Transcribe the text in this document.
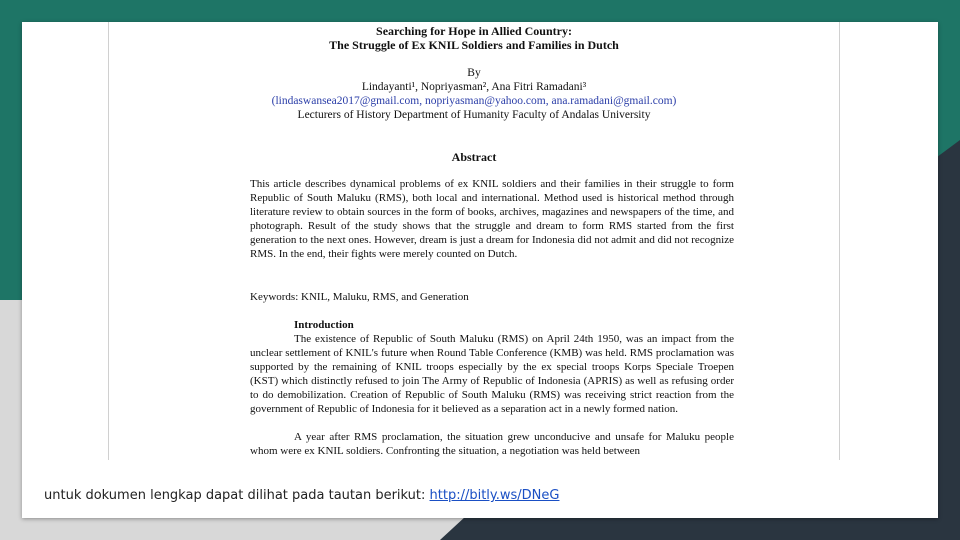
Searching for Hope in Allied Country:
The Struggle of Ex KNIL Soldiers and Families in Dutch
By
Lindayanti¹, Nopriyasman², Ana Fitri Ramadani³
(lindaswansea2017@gmail.com, nopriyasman@yahoo.com, ana.ramadani@gmail.com)
Lecturers of History Department of Humanity Faculty of Andalas University
Abstract

This article describes dynamical problems of ex KNIL soldiers and their families in their struggle to form Republic of South Maluku (RMS), both local and international. Method used is historical method through literature review to obtain sources in the form of books, archives, magazines and newspapers of the time, and photograph. Result of the study shows that the struggle and dream to form RMS started from the first generation to the next ones. However, dream is just a dream for Indonesia did not admit and did not recognize RMS. In the end, their fights were merely counted on Dutch.

Keywords: KNIL, Maluku, RMS, and Generation

Introduction

The existence of Republic of South Maluku (RMS) on April 24th 1950, was an impact from the unclear settlement of KNIL's future when Round Table Conference (KMB) was held. RMS proclamation was supported by the remaining of KNIL troops especially by the ex special troops Korps Speciale Troepen (KST) which distinctly refused to join The Army of Republic of Indonesia (APRIS) as well as refusing order to do demobilization. Creation of Republic of South Maluku (RMS) was receiving strict reaction from the government of Republic of Indonesia for it believed as a separation act in a newly formed nation.

A year after RMS proclamation, the situation grew unconducive and unsafe for Maluku people whom were ex KNIL soldiers. Confronting the situation, a negotiation was held between

untuk dokumen lengkap dapat dilihat pada tautan berikut: http://bitly.ws/DNeG
